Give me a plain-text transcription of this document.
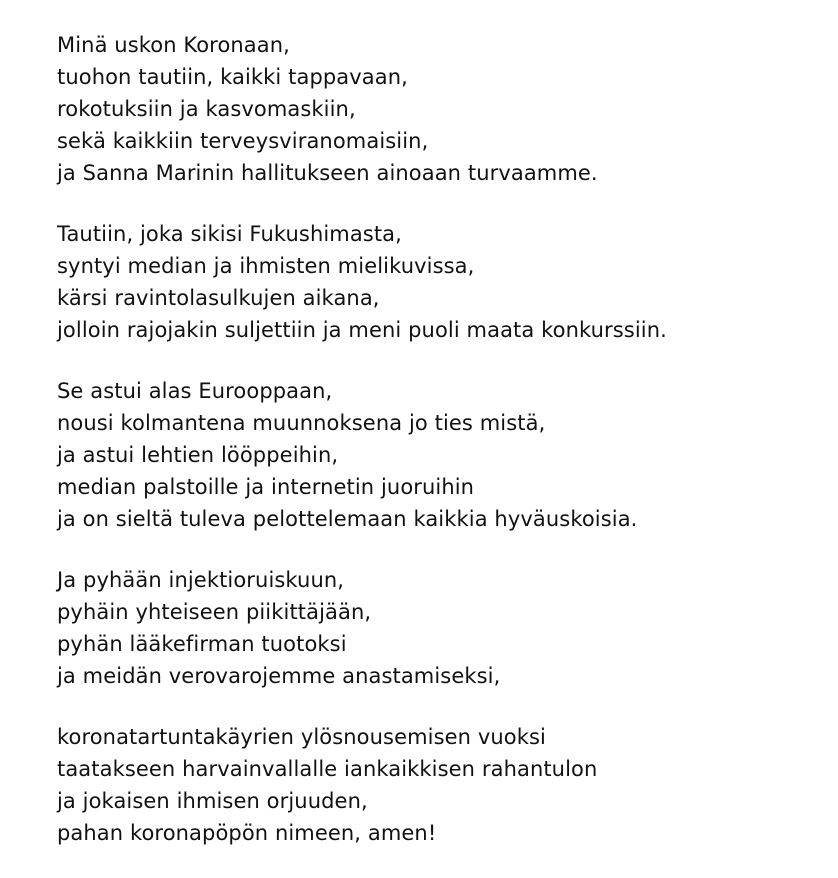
Minä uskon Koronaan,
tuohon tautiin, kaikki tappavaan,
rokotuksiin ja kasvomaskiin,
sekä kaikkiin terveysviranomaisiin,
ja Sanna Marinin hallitukseen ainoaan turvaamme.
Tautiin, joka sikisi Fukushimasta,
syntyi median ja ihmisten mielikuvissa,
kärsi ravintolasulkujen aikana,
jolloin rajojakin suljettiin ja meni puoli maata konkurssiin.
Se astui alas Eurooppaan,
nousi kolmantena muunnoksena jo ties mistä,
ja astui lehtien lööppeihin,
median palstoille ja internetin juoruihin
ja on sieltä tuleva pelottelemaan kaikkia hyväuskoisia.
Ja pyhään injektioruiskuun,
pyhäin yhteiseen piikittäjään,
pyhän lääkefirman tuotoksi
ja meidän verovarojemme anastamiseksi,
koronatartuntakäyrien ylösnousemisen vuoksi
taatakseen harvainvallalle iankaikkisen rahantulon
ja jokaisen ihmisen orjuuden,
pahan koronapöpön nimeen, amen!
